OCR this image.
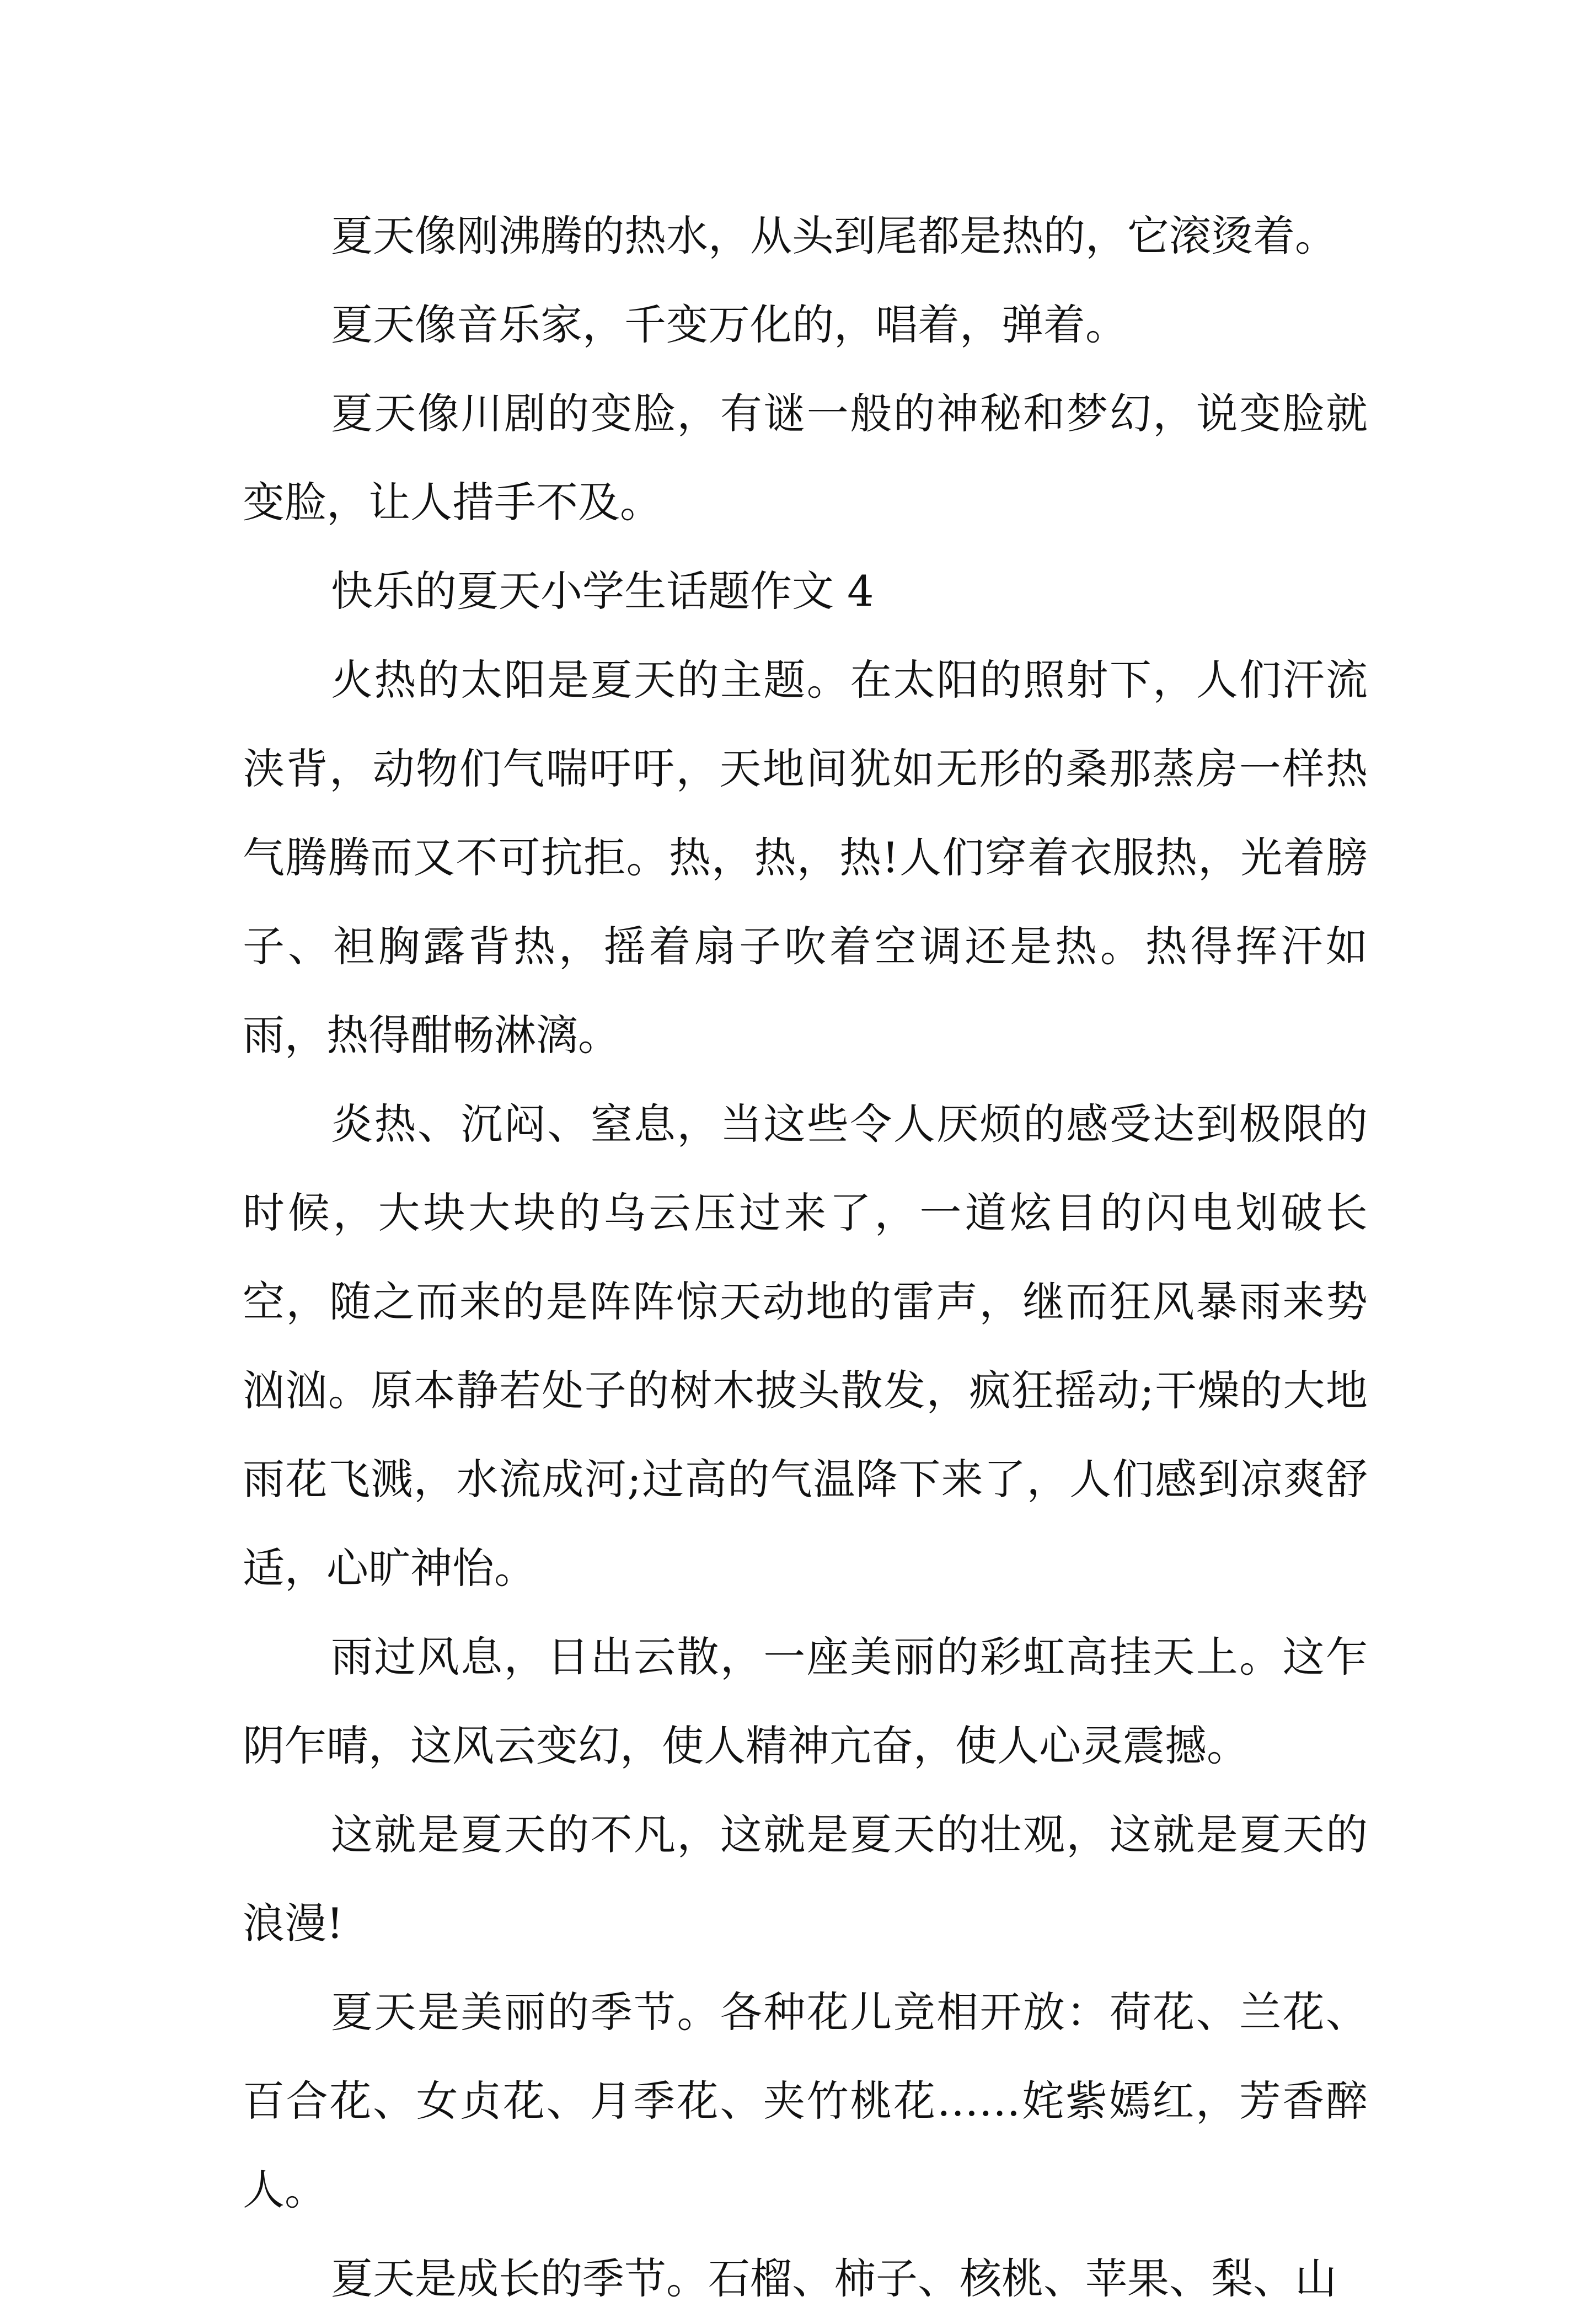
夏天像刚沸腾的热水，从头到尾都是热的，它滚烫着。

夏天像音乐家，千变万化的，唱着，弹着。

夏天像川剧的变脸，有谜一般的神秘和梦幻，说变脸就变脸，让人措手不及。

快乐的夏天小学生话题作文 4

火热的太阳是夏天的主题。在太阳的照射下，人们汗流浃背，动物们气喘吁吁，天地间犹如无形的桑那蒸房一样热气腾腾而又不可抗拒。热，热，热!人们穿着衣服热，光着膀子、袒胸露背热，摇着扇子吹着空调还是热。热得挥汗如雨，热得酣畅淋漓。

炎热、沉闷、窒息，当这些令人厌烦的感受达到极限的时候，大块大块的乌云压过来了，一道炫目的闪电划破长空，随之而来的是阵阵惊天动地的雷声，继而狂风暴雨来势汹汹。原本静若处子的树木披头散发，疯狂摇动;干燥的大地雨花飞溅，水流成河;过高的气温降下来了，人们感到凉爽舒适，心旷神怡。

雨过风息，日出云散，一座美丽的彩虹高挂天上。这乍阴乍晴，这风云变幻，使人精神亢奋，使人心灵震撼。

这就是夏天的不凡，这就是夏天的壮观，这就是夏天的浪漫!

夏天是美丽的季节。各种花儿竞相开放：荷花、兰花、百合花、女贞花、月季花、夹竹桃花……姹紫嫣红，芳香醉人。

夏天是成长的季节。石榴、柿子、核桃、苹果、梨、山
